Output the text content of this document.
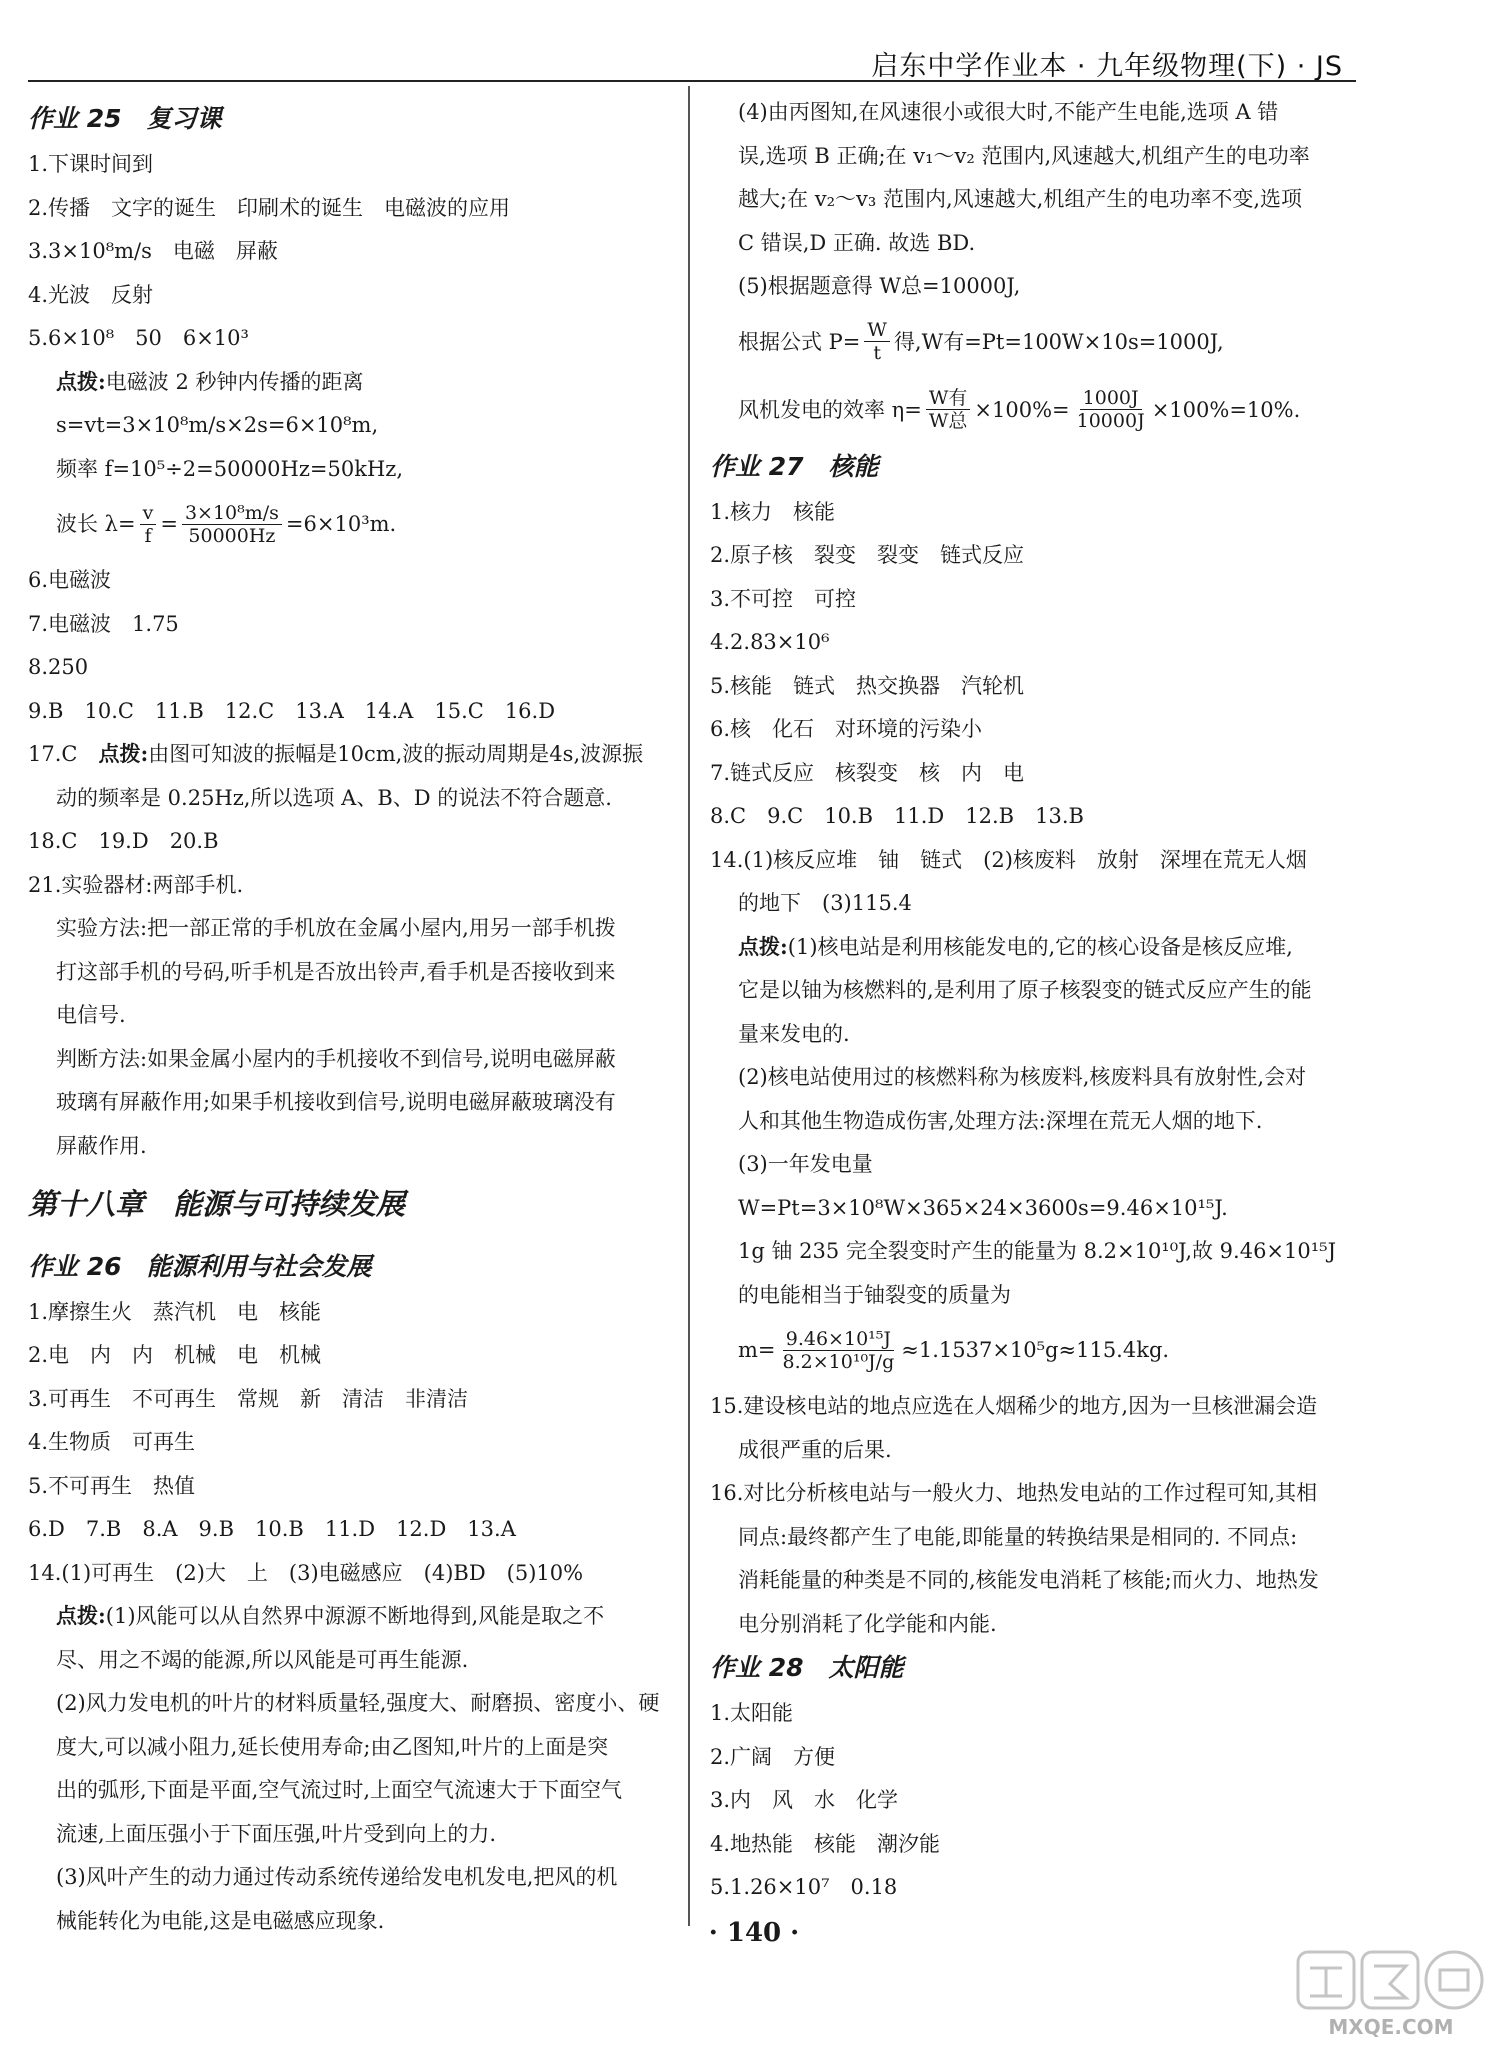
启东中学作业本 · 九年级物理(下) · JS
作业 25　复习课
1.下课时间到
2.传播　文字的诞生　印刷术的诞生　电磁波的应用
3.3×10⁸m/s　电磁　屏蔽
4.光波　反射
5.6×10⁸　50　6×10³
点拨:电磁波 2 秒钟内传播的距离
s=vt=3×10⁸m/s×2s=6×10⁸m,
频率 f=10⁵÷2=50000Hz=50kHz,
波长 $\lambda= \frac{v}{f} = \frac{\text{3×10⁸m/s}}{50000Hz} =6\times 10^3m$.
6.电磁波
7.电磁波　1.75
8.250
9.B　10.C　11.B　12.C　13.A　14.A　15.C　16.D
17.C　点拨:由图可知波的振幅是10cm,波的振动周期是4s,波源振
动的频率是 0.25Hz,所以选项 A、B、D 的说法不符合题意.
18.C　19.D　20.B
21.实验器材:两部手机.
实验方法:把一部正常的手机放在金属小屋内,用另一部手机拨
打这部手机的号码,听手机是否放出铃声,看手机是否接收到来
电信号.
判断方法:如果金属小屋内的手机接收不到信号,说明电磁屏蔽
玻璃有屏蔽作用;如果手机接收到信号,说明电磁屏蔽玻璃没有
屏蔽作用.
第十八章　能源与可持续发展
作业 26　能源利用与社会发展
1.摩擦生火　蒸汽机　电　核能
2.电　内　内　机械　电　机械
3.可再生　不可再生　常规　新　清洁　非清洁
4.生物质　可再生
5.不可再生　热值
6.D　7.B　8.A　9.B　10.B　11.D　12.D　13.A
14.(1)可再生　(2)大　上　(3)电磁感应　(4)BD　(5)10%
点拨:(1)风能可以从自然界中源源不断地得到,风能是取之不
尽、用之不竭的能源,所以风能是可再生能源.
(2)风力发电机的叶片的材料质量轻,强度大、耐磨损、密度小、硬
度大,可以减小阻力,延长使用寿命;由乙图知,叶片的上面是突
出的弧形,下面是平面,空气流过时,上面空气流速大于下面空气
流速,上面压强小于下面压强,叶片受到向上的力.
(3)风叶产生的动力通过传动系统传递给发电机发电,把风的机
械能转化为电能,这是电磁感应现象.
(4)由丙图知,在风速很小或很大时,不能产生电能,选项 A 错
误,选项 B 正确;在 v₁～v₂ 范围内,风速越大,机组产生的电功率
越大;在 v₂～v₃ 范围内,风速越大,机组产生的电功率不变,选项
C 错误,D 正确. 故选 BD.
(5)根据题意得 W总=10000J,
根据公式 $P= \frac{W}{t}$ 得,W有=Pt=100W×10s=1000J,
风机发电的效率 $\eta= \frac{\text{W有}}{\text{W总}} \times 100\%= \frac{1000J}{10000J} \times 100\%=10\%$.
作业 27　核能
1.核力　核能
2.原子核　裂变　裂变　链式反应
3.不可控　可控
4.2.83×10⁶
5.核能　链式　热交换器　汽轮机
6.核　化石　对环境的污染小
7.链式反应　核裂变　核　内　电
8.C　9.C　10.B　11.D　12.B　13.B
14.(1)核反应堆　铀　链式　(2)核废料　放射　深埋在荒无人烟
的地下　(3)115.4
点拨:(1)核电站是利用核能发电的,它的核心设备是核反应堆,
它是以铀为核燃料的,是利用了原子核裂变的链式反应产生的能
量来发电的.
(2)核电站使用过的核燃料称为核废料,核废料具有放射性,会对
人和其他生物造成伤害,处理方法:深埋在荒无人烟的地下.
(3)一年发电量
W=Pt=3×10⁸W×365×24×3600s=9.46×10¹⁵J.
1g 铀 235 完全裂变时产生的能量为 8.2×10¹⁰J,故 9.46×10¹⁵J
的电能相当于铀裂变的质量为
$m= \frac{\text{9.46×10¹⁵J}}{\text{8.2×10¹⁰J/g}} \approx 1.1537\times 10^5g\approx 115.4kg$.
15.建设核电站的地点应选在人烟稀少的地方,因为一旦核泄漏会造
成很严重的后果.
16.对比分析核电站与一般火力、地热发电站的工作过程可知,其相
同点:最终都产生了电能,即能量的转换结果是相同的. 不同点:
消耗能量的种类是不同的,核能发电消耗了核能;而火力、地热发
电分别消耗了化学能和内能.
作业 28　太阳能
1.太阳能
2.广阔　方便
3.内　风　水　化学
4.地热能　核能　潮汐能
5.1.26×10⁷　0.18
· 140 ·
MXQE.COM
